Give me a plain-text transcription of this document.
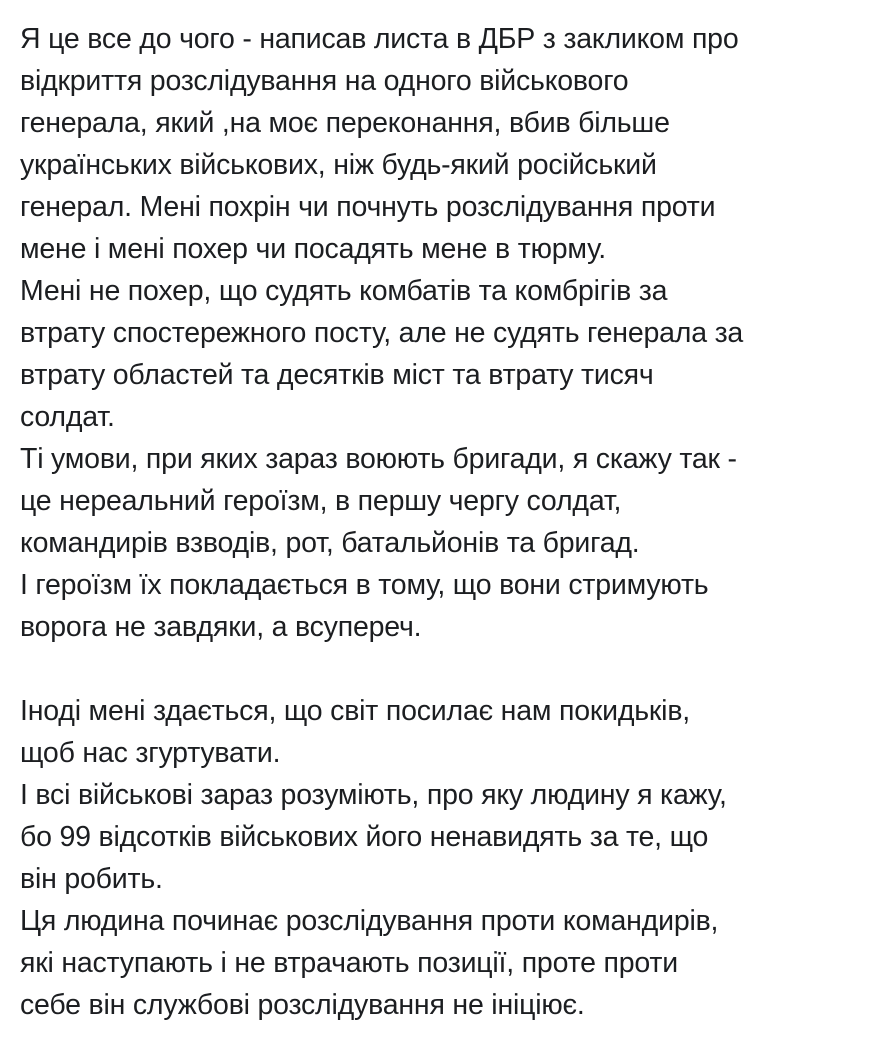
Я це все до чого - написав листа в ДБР з закликом про
відкриття розслідування на одного військового
генерала, який ,на моє переконання, вбив більше
українських військових, ніж будь-який російський
генерал. Мені похрін чи почнуть розслідування проти
мене і мені похер чи посадять мене в тюрму.
Мені не похер, що судять комбатів та комбрігів за
втрату спостережного посту, але не судять генерала за
втрату областей та десятків міст та втрату тисяч
солдат.
Ті умови, при яких зараз воюють бригади, я скажу так -
це нереальний героїзм, в першу чергу солдат,
командирів взводів, рот, батальйонів та бригад.
І героїзм їх покладається в тому, що вони стримують
ворога не завдяки, а всупереч.
Іноді мені здається, що світ посилає нам покидьків,
щоб нас згуртувати.
І всі військові зараз розуміють, про яку людину я кажу,
бо 99 відсотків військових його ненавидять за те, що
він робить.
Ця людина починає розслідування проти командирів,
які наступають і не втрачають позиції, проте проти
себе він службові розслідування не ініціює.
